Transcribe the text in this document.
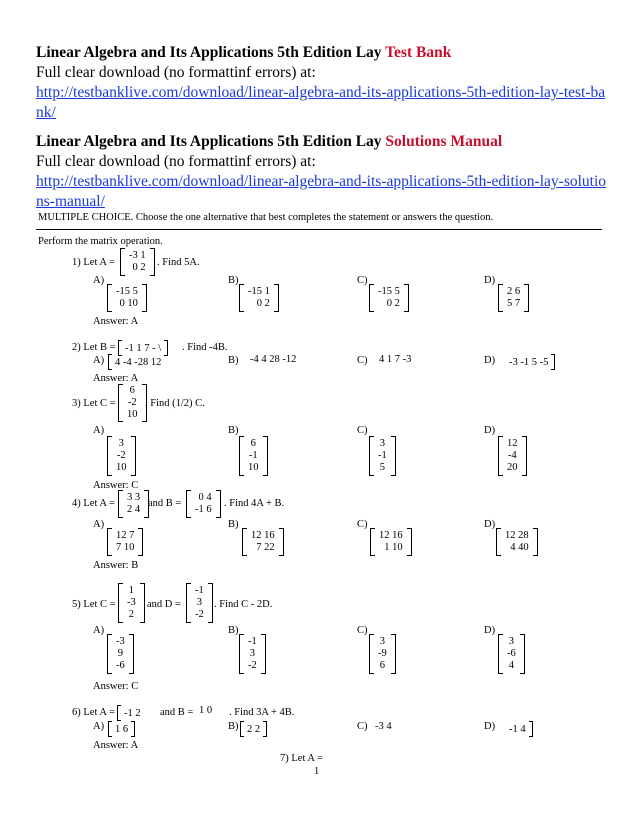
Linear Algebra and Its Applications 5th Edition Lay Test Bank
Full clear download (no formattinf errors) at:
http://testbanklive.com/download/linear-algebra-and-its-applications-5th-edition-lay-test-bank/
Linear Algebra and Its Applications 5th Edition Lay Solutions Manual
Full clear download (no formattinf errors) at:
http://testbanklive.com/download/linear-algebra-and-its-applications-5th-edition-lay-solutions-manual/
MULTIPLE CHOICE. Choose the one alternative that best completes the statement or answers the question.
Perform the matrix operation.
1) Let A =
-3 1
0 2 . Find 5A.
A)
-15 5
0 10
B)
-15 1
0 2
C)
-15 5
0 2
D)
2 6
5 7
Answer: A
2) Let B = -1 1 7 - \ . Find -4B.
A) 4 -4 -28 12	B) -4 4 28 -12	C) 4 1 7 -3	D) -3 -1 5 -5
Answer: A
3) Let C =
6
-2
10
. Find (1/2) C.
A)
3
-2
10
B)
6
-1
10
C)
3
-1
5
D)
12
-4
20
Answer: C
4) Let A =
3 3
2 4
and B =
0 4
-1 6
. Find 4A + B.
A)
12 7
7 10
B)
12 16
7 22
C)
12 16
1 10
D)
12 28
4 40
Answer: B
5) Let C =
1
-3
2
and D =
-1
3
-2
. Find C - 2D.
A)
-3
9
-6
B)
-1
3
-2
C)
3
-9
6
D)
3
-6
4
Answer: C
6) Let A = -1 2 and B = 1 0 . Find 3A + 4B.
A) 1 6	B) 2 2	C) -3 4	D) -1 4
Answer: A
7) Let A =
1
